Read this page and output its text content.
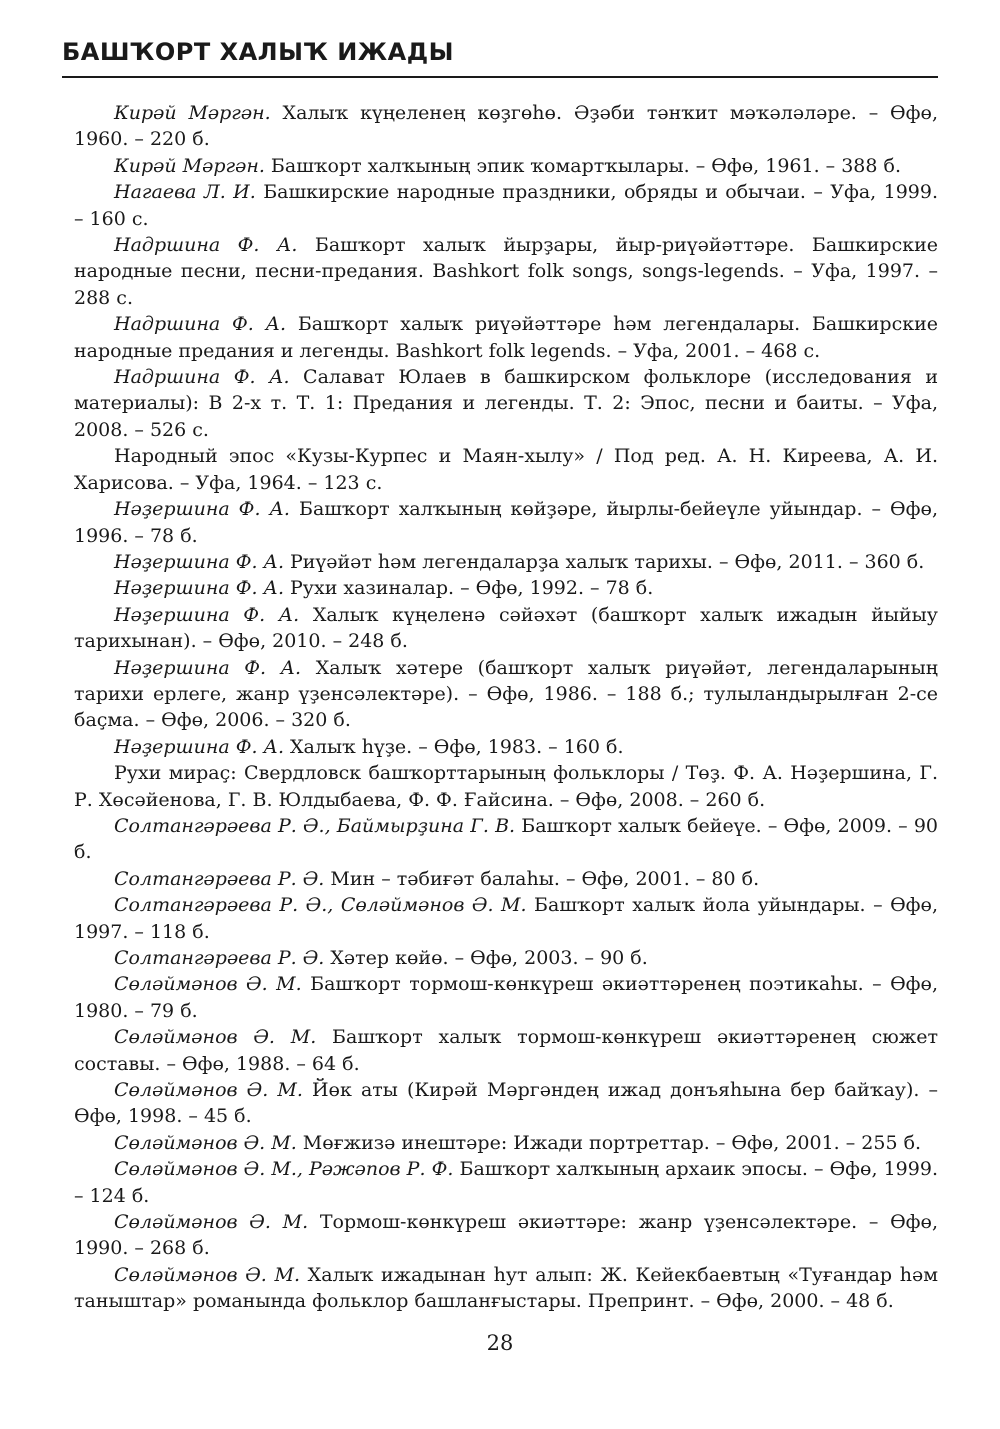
БАШҠОРТ ХАЛЫҠ ИЖАДЫ

Кирәй Мәргән. Халыҡ күңеленең көҙгөһө. Әҙәби тәнҡит мәҡәләләре. – Өфө, 1960. – 220 б.

Кирәй Мәргән. Башҡорт халҡының эпик ҡомартҡылары. – Өфө, 1961. – 388 б.

Нагаева Л. И. Башкирские народные праздники, обряды и обычаи. – Уфа, 1999. – 160 с.

Надршина Ф. А. Башҡорт халыҡ йырҙары, йыр-риүәйәттәре. Башкирские народные песни, песни-предания. Bashkort folk songs, songs-legends. – Уфа, 1997. – 288 с.

Надршина Ф. А. Башҡорт халыҡ риүәйәттәре һәм легендалары. Башкирские народные предания и легенды. Bashkort folk legends. – Уфа, 2001. – 468 с.

Надршина Ф. А. Салават Юлаев в башкирском фольклоре (исследования и материалы): В 2-х т. Т. 1: Предания и легенды. Т. 2: Эпос, песни и баиты. – Уфа, 2008. – 526 с.

Народный эпос «Кузы-Курпес и Маян-хылу» / Под ред. А. Н. Киреева, А. И. Харисова. – Уфа, 1964. – 123 с.

Нәҙершина Ф. А. Башҡорт халҡының көйҙәре, йырлы-бейеүле уйындар. – Өфө, 1996. – 78 б.

Нәҙершина Ф. А. Риүәйәт һәм легендаларҙа халыҡ тарихы. – Өфө, 2011. – 360 б.

Нәҙершина Ф. А. Рухи хазиналар. – Өфө, 1992. – 78 б.

Нәҙершина Ф. А. Халыҡ күңеленә сәйәхәт (башҡорт халыҡ ижадын йыйыу тарихынан). – Өфө, 2010. – 248 б.

Нәҙершина Ф. А. Халыҡ хәтере (башҡорт халыҡ риүәйәт, легендаларының тарихи ерлеге, жанр үҙенсәлектәре). – Өфө, 1986. – 188 б.; тулыландырылған 2-се баҫма. – Өфө, 2006. – 320 б.

Нәҙершина Ф. А. Халыҡ һүҙе. – Өфө, 1983. – 160 б.

Рухи мираҫ: Свердловск башҡорттарының фольклоры / Төҙ. Ф. А. Нәҙершина, Г. Р. Хөсәйенова, Г. В. Юлдыбаева, Ф. Ф. Ғайсина. – Өфө, 2008. – 260 б.

Солтангәрәева Р. Ә., Баймырҙина Г. В. Башҡорт халыҡ бейеүе. – Өфө, 2009. – 90 б.

Солтангәрәева Р. Ә. Мин – тәбиғәт балаһы. – Өфө, 2001. – 80 б.

Солтангәрәева Р. Ә., Сөләймәнов Ә. М. Башҡорт халыҡ йола уйындары. – Өфө, 1997. – 118 б.

Солтангәрәева Р. Ә. Хәтер көйө. – Өфө, 2003. – 90 б.

Сөләймәнов Ә. М. Башҡорт тормош-көнкүреш әкиәттәренең поэтикаһы. – Өфө, 1980. – 79 б.

Сөләймәнов Ә. М. Башҡорт халыҡ тормош-көнкүреш әкиәттәренең сюжет составы. – Өфө, 1988. – 64 б.

Сөләймәнов Ә. М. Йөк аты (Кирәй Мәргәндең ижад донъяһына бер байҡау). – Өфө, 1998. – 45 б.

Сөләймәнов Ә. М. Мөғжизә инештәре: Ижади портреттар. – Өфө, 2001. – 255 б.

Сөләймәнов Ә. М., Рәжәпов Р. Ф. Башҡорт халҡының архаик эпосы. – Өфө, 1999. – 124 б.

Сөләймәнов Ә. М. Тормош-көнкүреш әкиәттәре: жанр үҙенсәлектәре. – Өфө, 1990. – 268 б.

Сөләймәнов Ә. М. Халыҡ ижадынан һут алып: Ж. Кейекбаевтың «Туғандар һәм таныштар» романында фольклор башланғыстары. Препринт. – Өфө, 2000. – 48 б.

28
